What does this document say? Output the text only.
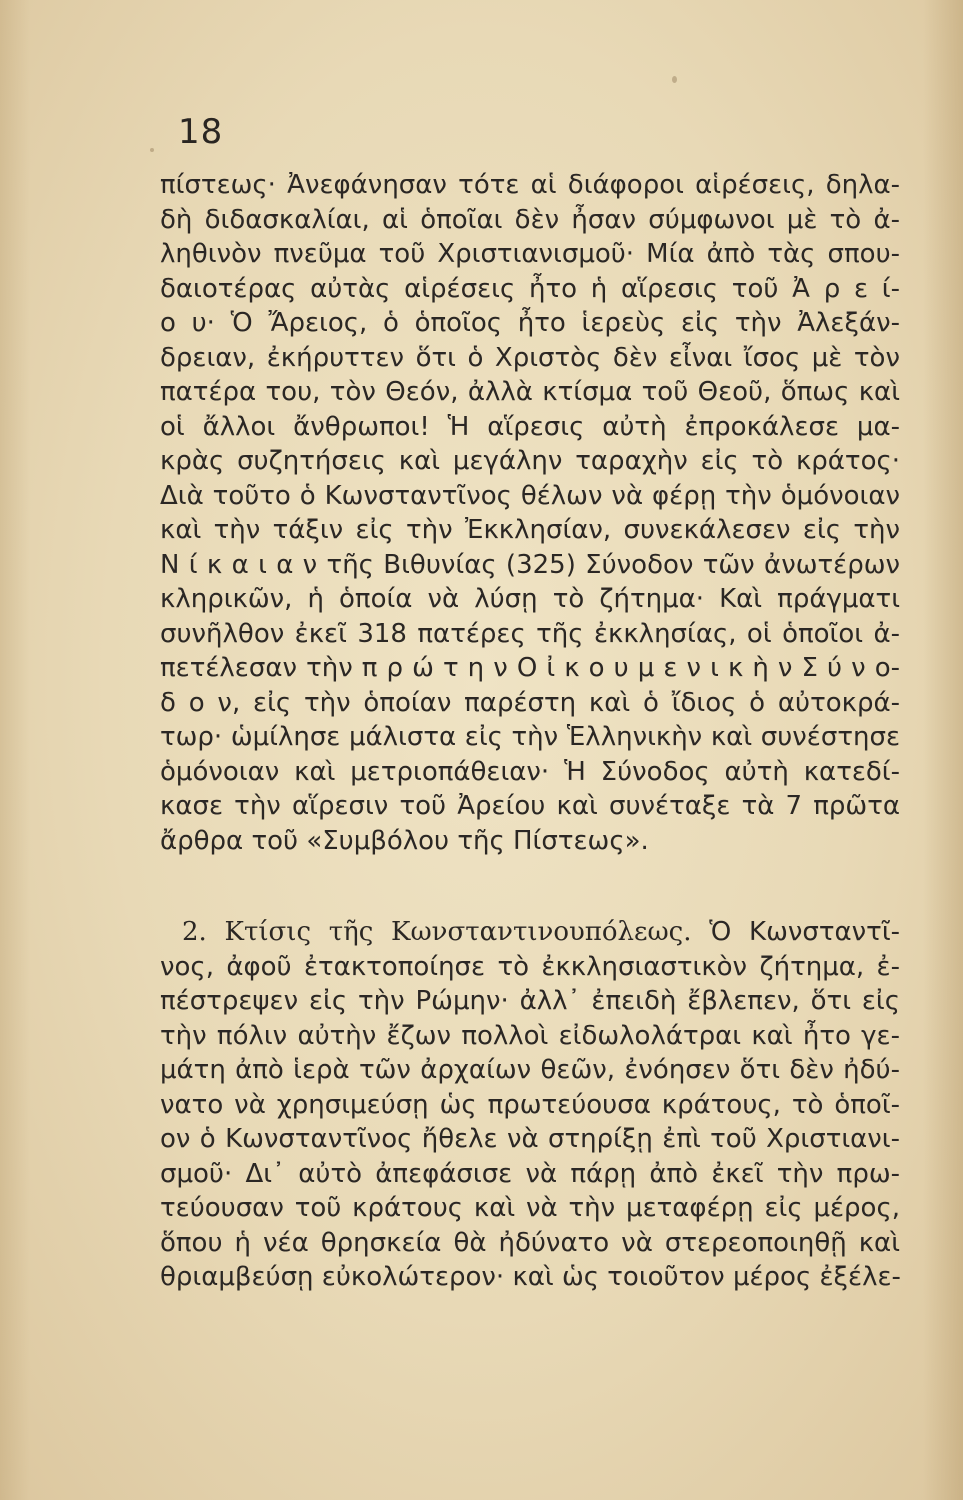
18
πίστεως· Ἀνεφάνησαν τότε αἱ διάφοροι αἱρέσεις, δηλα-
δὴ διδασκαλίαι, αἱ ὁποῖαι δὲν ἦσαν σύμφωνοι μὲ τὸ ἀ-
ληθινὸν πνεῦμα τοῦ Χριστιανισμοῦ· Μία ἀπὸ τὰς σπου-
δαιοτέρας αὐτὰς αἱρέσεις ἦτο ἡ αἵρεσις τοῦ Ἀ ρ ε ί-
ο υ· Ὁ Ἄρειος, ὁ ὁποῖος ἦτο ἱερεὺς εἰς τὴν Ἀλεξάν-
δρειαν, ἐκήρυττεν ὅτι ὁ Χριστὸς δὲν εἶναι ἴσος μὲ τὸν
πατέρα του, τὸν Θεόν, ἀλλὰ κτίσμα τοῦ Θεοῦ, ὅπως καὶ
οἱ ἄλλοι ἄνθρωποι! Ἡ αἵρεσις αὐτὴ ἐπροκάλεσε μα-
κρὰς συζητήσεις καὶ μεγάλην ταραχὴν εἰς τὸ κράτος·
Διὰ τοῦτο ὁ Κωνσταντῖνος θέλων νὰ φέρῃ τὴν ὁμόνοιαν
καὶ τὴν τάξιν εἰς τὴν Ἐκκλησίαν, συνεκάλεσεν εἰς τὴν
Ν ί κ α ι α ν τῆς Βιθυνίας (325) Σύνοδον τῶν ἀνωτέρων
κληρικῶν, ἡ ὁποία νὰ λύσῃ τὸ ζήτημα· Καὶ πράγματι
συνῆλθον ἐκεῖ 318 πατέρες τῆς ἐκκλησίας, οἱ ὁποῖοι ἀ-
πετέλεσαν τὴν π ρ ώ τ η ν Ο ἰ κ ο υ μ ε ν ι κ ὴ ν Σ ύ ν ο-
δ ο ν, εἰς τὴν ὁποίαν παρέστη καὶ ὁ ἴδιος ὁ αὐτοκρά-
τωρ· ὡμίλησε μάλιστα εἰς τὴν Ἑλληνικὴν καὶ συνέστησε
ὁμόνοιαν καὶ μετριοπάθειαν· Ἡ Σύνοδος αὐτὴ κατεδί-
κασε τὴν αἵρεσιν τοῦ Ἀρείου καὶ συνέταξε τὰ 7 πρῶτα
ἄρθρα τοῦ «Συμβόλου τῆς Πίστεως».
2. Κτίσις τῆς Κωνσταντινουπόλεως. Ὁ Κωνσταντῖ-
νος, ἀφοῦ ἐτακτοποίησε τὸ ἐκκλησιαστικὸν ζήτημα, ἐ-
πέστρεψεν εἰς τὴν Ρώμην· ἀλλ᾽ ἐπειδὴ ἔβλεπεν, ὅτι εἰς
τὴν πόλιν αὐτὴν ἔζων πολλοὶ εἰδωλολάτραι καὶ ἦτο γε-
μάτη ἀπὸ ἱερὰ τῶν ἀρχαίων θεῶν, ἐνόησεν ὅτι δὲν ἠδύ-
νατο νὰ χρησιμεύσῃ ὡς πρωτεύουσα κράτους, τὸ ὁποῖ-
ον ὁ Κωνσταντῖνος ἤθελε νὰ στηρίξῃ ἐπὶ τοῦ Χριστιανι-
σμοῦ· Δι᾽ αὐτὸ ἀπεφάσισε νὰ πάρῃ ἀπὸ ἐκεῖ τὴν πρω-
τεύουσαν τοῦ κράτους καὶ νὰ τὴν μεταφέρῃ εἰς μέρος,
ὅπου ἡ νέα θρησκεία θὰ ἠδύνατο νὰ στερεοποιηθῇ καὶ
θριαμβεύσῃ εὐκολώτερον· καὶ ὡς τοιοῦτον μέρος ἐξέλε-
